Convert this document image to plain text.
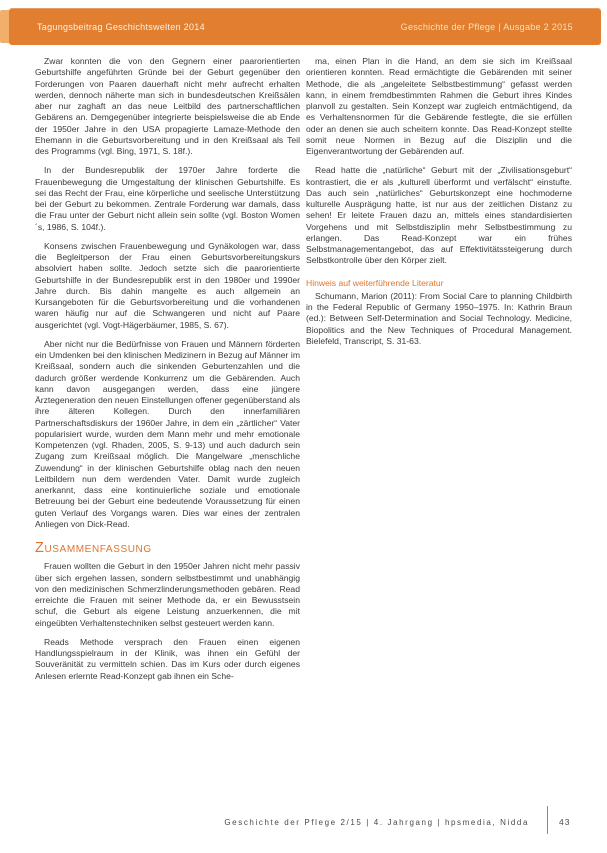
Tagungsbeitrag Geschichtswelten 2014	Geschichte der Pflege | Ausgabe 2 2015

Zwar konnten die von den Gegnern einer paarorientierten Geburtshilfe angeführten Gründe bei der Geburt gegenüber den Forderungen von Paaren dauerhaft nicht mehr aufrecht erhalten werden, dennoch näherte man sich in bundesdeutschen Kreißsälen aber nur zaghaft an das neue Leitbild des partnerschaftlichen Gebärens an. Demgegenüber integrierte beispielsweise die ab Ende der 1950er Jahre in den USA propagierte Lamaze-Methode den Ehemann in die Geburtsvorbereitung und in den Kreißsaal als Teil des Programms (vgl. Bing, 1971, S. 18f.).

In der Bundesrepublik der 1970er Jahre forderte die Frauenbewegung die Umgestaltung der klinischen Geburtshilfe. Es sei das Recht der Frau, eine körperliche und seelische Unterstützung bei der Geburt zu bekommen. Zentrale Forderung war damals, dass die Frau unter der Geburt nicht allein sein sollte (vgl. Boston Women´s, 1986, S. 104f.).

Konsens zwischen Frauenbewegung und Gynäkologen war, dass die Begleitperson der Frau einen Geburtsvorbereitungskurs absolviert haben sollte. Jedoch setzte sich die paarorientierte Geburtshilfe in der Bundesrepublik erst in den 1980er und 1990er Jahre durch. Bis dahin mangelte es auch allgemein an Kursangeboten für die Geburtsvorbereitung und die vorhandenen waren häufig nur auf die Schwangeren und nicht auf Paare ausgerichtet (vgl. Vogt-Hägerbäumer, 1985, S. 67).

Aber nicht nur die Bedürfnisse von Frauen und Männern förderten ein Umdenken bei den klinischen Medizinern in Bezug auf Männer im Kreißsaal, sondern auch die sinkenden Geburtenzahlen und die dadurch größer werdende Konkurrenz um die Gebärenden. Auch kann davon ausgegangen werden, dass eine jüngere Ärztegeneration den neuen Einstellungen offener gegenüberstand als ihre älteren Kollegen. Durch den innerfamiliären Partnerschaftsdiskurs der 1960er Jahre, in dem ein „zärtlicher“ Vater popularisiert wurde, wurden dem Mann mehr und mehr emotionale Kompetenzen (vgl. Rhaden, 2005, S. 9-13) und auch dadurch sein Zugang zum Kreißsaal möglich. Die Mangelware „menschliche Zuwendung“ in der klinischen Geburtshilfe oblag nach den neuen Leitbildern nun dem werdenden Vater. Damit wurde zugleich anerkannt, dass eine kontinuierliche soziale und emotionale Betreuung bei der Geburt eine bedeutende Voraussetzung für einen guten Verlauf des Vorgangs waren. Dies war eines der zentralen Anliegen von Dick-Read.

Zusammenfassung

Frauen wollten die Geburt in den 1950er Jahren nicht mehr passiv über sich ergehen lassen, sondern selbstbestimmt und unabhängig von den medizinischen Schmerzlinderungsmethoden gebären. Read erreichte die Frauen mit seiner Methode da, er ein Bewusstsein schuf, die Geburt als eigene Leistung anzuerkennen, die mit eingeübten Verhaltenstechniken selbst gesteuert werden kann.

Reads Methode versprach den Frauen einen eigenen Handlungsspielraum in der Klinik, was ihnen ein Gefühl der Souveränität zu vermitteln schien. Das im Kurs oder durch eigenes Anlesen erlernte Read-Konzept gab ihnen ein Sche-

ma, einen Plan in die Hand, an dem sie sich im Kreißsaal orientieren konnten. Read ermächtigte die Gebärenden mit seiner Methode, die als „angeleitete Selbstbestimmung“ gefasst werden kann, in einem fremdbestimmten Rahmen die Geburt ihres Kindes planvoll zu gestalten. Sein Konzept war zugleich entmächtigend, da es Verhaltensnormen für die Gebärende festlegte, die sie erfüllen oder an denen sie auch scheitern konnte. Das Read-Konzept stellte somit neue Normen in Bezug auf die Disziplin und die Eigenverantwortung der Gebärenden auf.

Read hatte die „natürliche“ Geburt mit der „Zivilisationsgeburt“ kontrastiert, die er als „kulturell überformt und verfälscht“ einstufte. Das auch sein „natürliches“ Geburtskonzept eine hochmoderne kulturelle Ausprägung hatte, ist nur aus der zeitlichen Distanz zu sehen! Er leitete Frauen dazu an, mittels eines standardisierten Vorgehens und mit Selbstdisziplin mehr Selbstbestimmung zu erlangen. Das Read-Konzept war ein frühes Selbstmanagementangebot, das auf Effektivitätssteigerung durch Selbstkontrolle über den Körper zielt.

Hinweis auf weiterführende Literatur

Schumann, Marion (2011): From Social Care to planning Childbirth in the Federal Republic of Germany 1950–1975. In: Kathrin Braun (ed.): Between Self-Determination and Social Technology. Medicine, Biopolitics and the New Techniques of Procedural Management. Bielefeld, Transcript, S. 31-63.

Geschichte der Pflege 2/15 | 4. Jahrgang | hpsmedia, Nidda	43
